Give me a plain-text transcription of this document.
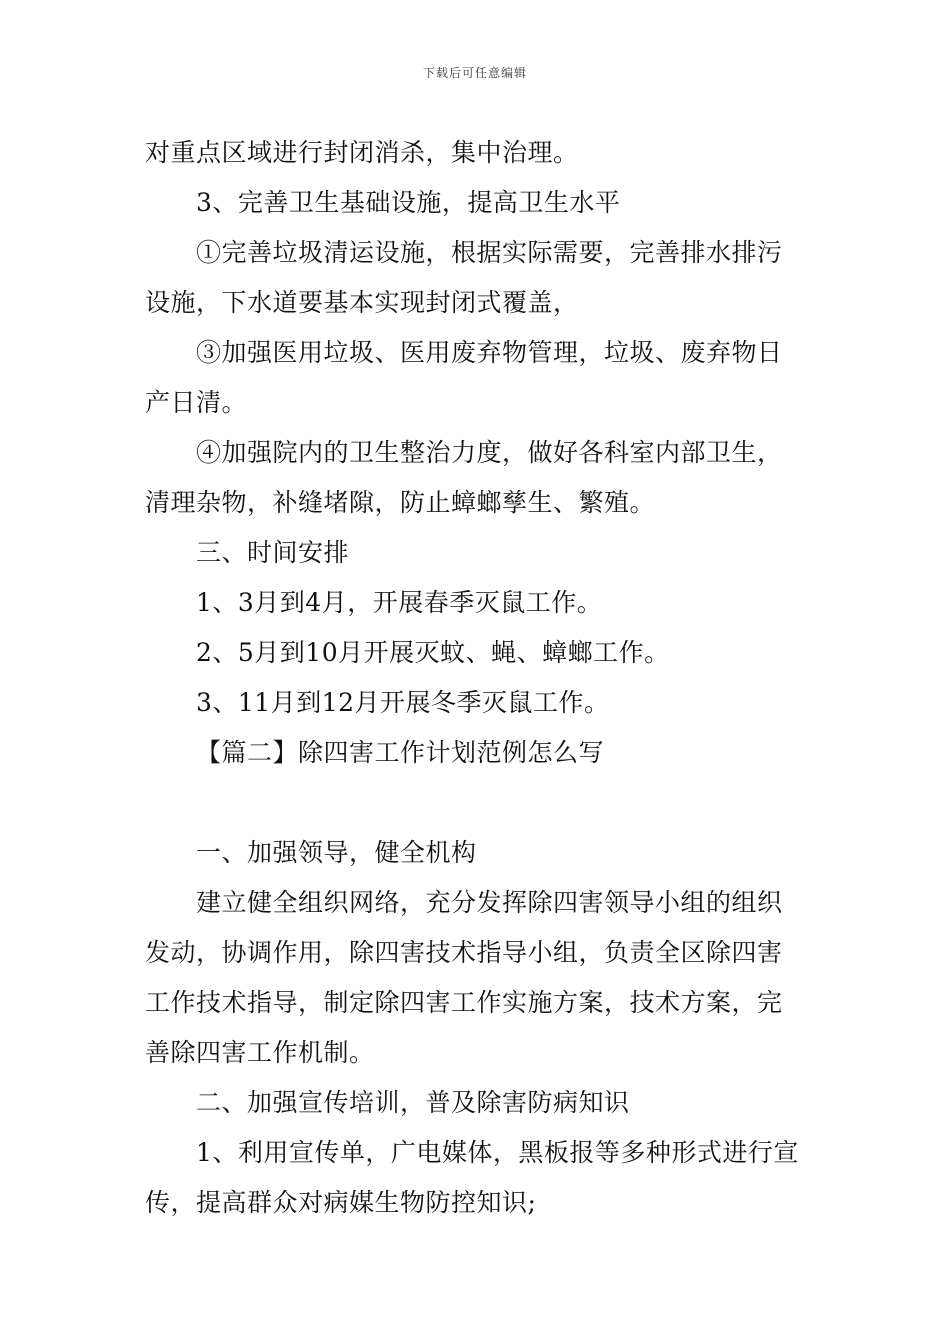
下载后可任意编辑
对重点区域进行封闭消杀，集中治理。
3、完善卫生基础设施，提高卫生水平
①完善垃圾清运设施，根据实际需要，完善排水排污
设施，下水道要基本实现封闭式覆盖，
③加强医用垃圾、医用废弃物管理，垃圾、废弃物日
产日清。
④加强院内的卫生整治力度，做好各科室内部卫生，
清理杂物，补缝堵隙，防止蟑螂孳生、繁殖。
三、时间安排
1、3月到4月，开展春季灭鼠工作。
2、5月到10月开展灭蚊、蝇、蟑螂工作。
3、11月到12月开展冬季灭鼠工作。
【篇二】除四害工作计划范例怎么写
一、加强领导，健全机构
建立健全组织网络，充分发挥除四害领导小组的组织
发动，协调作用，除四害技术指导小组，负责全区除四害
工作技术指导，制定除四害工作实施方案，技术方案，完
善除四害工作机制。
二、加强宣传培训，普及除害防病知识
1、利用宣传单，广电媒体，黑板报等多种形式进行宣
传，提高群众对病媒生物防控知识;
